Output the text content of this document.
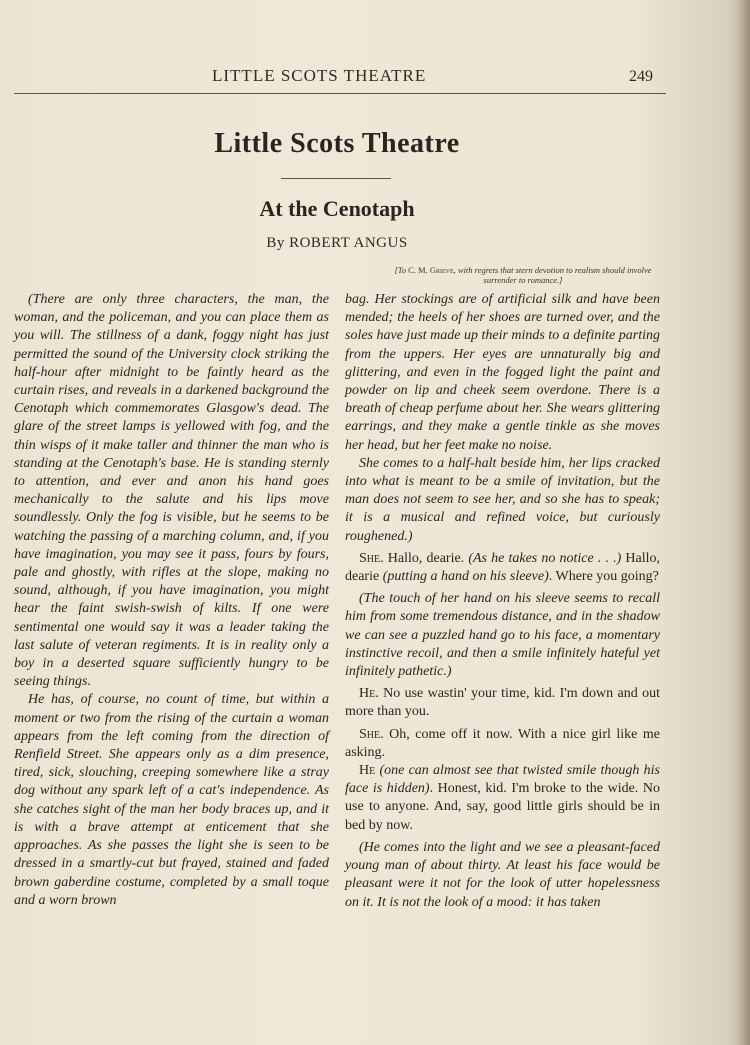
LITTLE SCOTS THEATRE	249
Little Scots Theatre
At the Cenotaph
By ROBERT ANGUS
[To C. M. Grieve, with regrets that stern devotion to realism should involve surrender to romance.]

(There are only three characters, the man, the woman, and the policeman, and you can place them as you will. The stillness of a dank, foggy night has just permitted the sound of the University clock striking the half-hour after midnight to be faintly heard as the curtain rises, and reveals in a darkened background the Cenotaph which commemorates Glasgow's dead. The glare of the street lamps is yellowed with fog, and the thin wisps of it make taller and thinner the man who is standing at the Cenotaph's base. He is standing sternly to attention, and ever and anon his hand goes mechanically to the salute and his lips move soundlessly. Only the fog is visible, but he seems to be watching the passing of a marching column, and, if you have imagination, you may see it pass, fours by fours, pale and ghostly, with rifles at the slope, making no sound, although, if you have imagination, you might hear the faint swish-swish of kilts. If one were sentimental one would say it was a leader taking the last salute of veteran regiments. It is in reality only a boy in a deserted square sufficiently hungry to be seeing things.

He has, of course, no count of time, but within a moment or two from the rising of the curtain a woman appears from the left coming from the direction of Renfield Street. She appears only as a dim presence, tired, sick, slouching, creeping somewhere like a stray dog without any spark left of a cat's independence. As she catches sight of the man her body braces up, and it is with a brave attempt at enticement that she approaches. As she passes the light she is seen to be dressed in a smartly-cut but frayed, stained and faded brown gaberdine costume, completed by a small toque and a worn brown

bag. Her stockings are of artificial silk and have been mended; the heels of her shoes are turned over, and the soles have just made up their minds to a definite parting from the uppers. Her eyes are unnaturally big and glittering, and even in the fogged light the paint and powder on lip and cheek seem overdone. There is a breath of cheap perfume about her. She wears glittering earrings, and they make a gentle tinkle as she moves her head, but her feet make no noise.

She comes to a half-halt beside him, her lips cracked into what is meant to be a smile of invitation, but the man does not seem to see her, and so she has to speak; it is a musical and refined voice, but curiously roughened.)

She. Hallo, dearie. (As he takes no notice . . .) Hallo, dearie (putting a hand on his sleeve). Where you going?

(The touch of her hand on his sleeve seems to recall him from some tremendous distance, and in the shadow we can see a puzzled hand go to his face, a momentary instinctive recoil, and then a smile infinitely hateful yet infinitely pathetic.)

He. No use wastin' your time, kid. I'm down and out more than you.

She. Oh, come off it now. With a nice girl like me asking.

He (one can almost see that twisted smile though his face is hidden). Honest, kid. I'm broke to the wide. No use to anyone. And, say, good little girls should be in bed by now.

(He comes into the light and we see a pleasant-faced young man of about thirty. At least his face would be pleasant were it not for the look of utter hopelessness on it. It is not the look of a mood: it has taken
